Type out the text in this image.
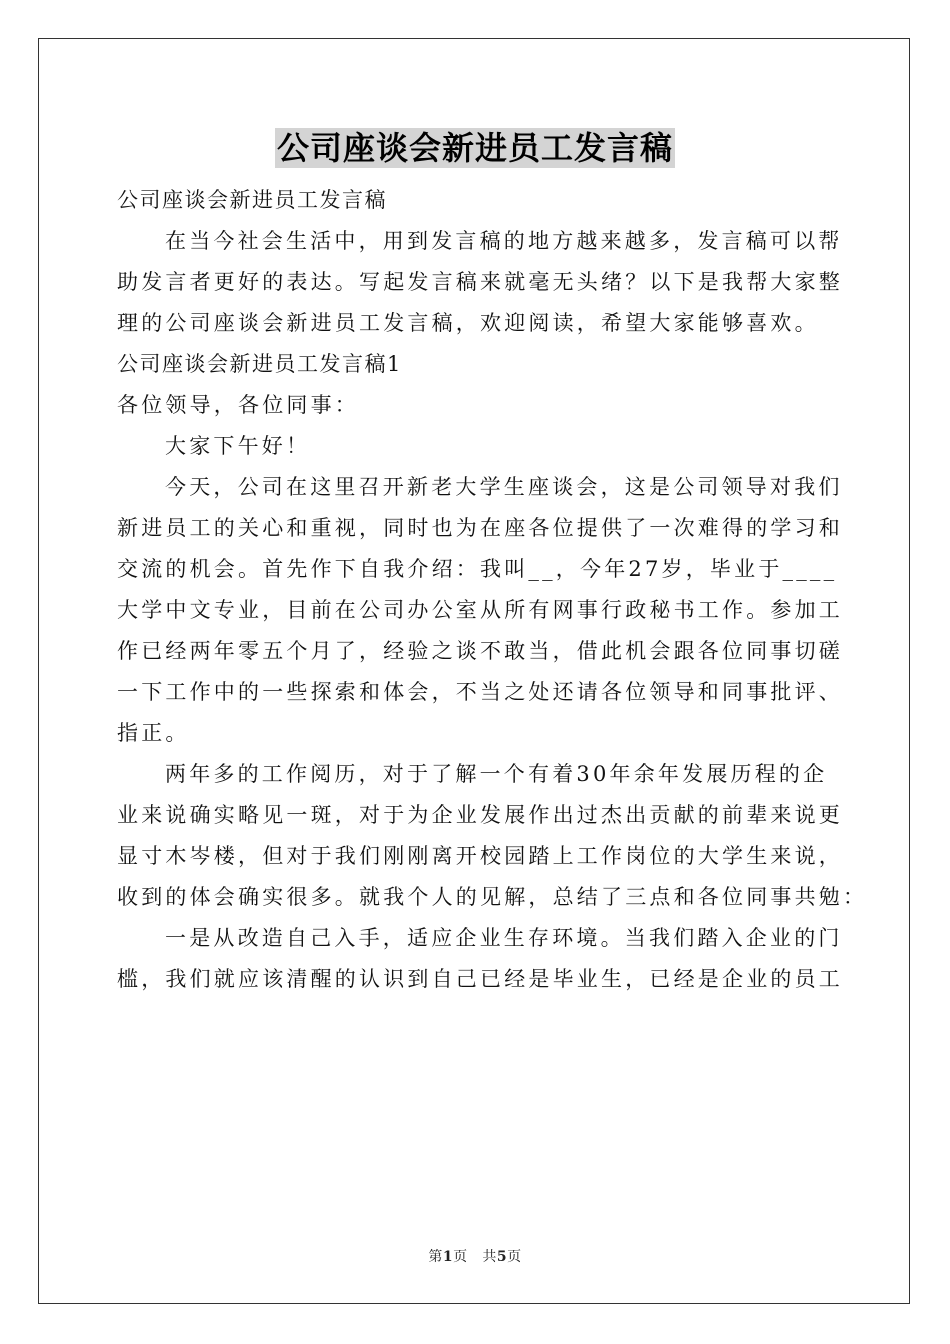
公司座谈会新进员工发言稿
公司座谈会新进员工发言稿
在当今社会生活中，用到发言稿的地方越来越多，发言稿可以帮
助发言者更好的表达。写起发言稿来就毫无头绪？以下是我帮大家整
理的公司座谈会新进员工发言稿，欢迎阅读，希望大家能够喜欢。
公司座谈会新进员工发言稿1
各位领导，各位同事：
大家下午好！
今天，公司在这里召开新老大学生座谈会，这是公司领导对我们
新进员工的关心和重视，同时也为在座各位提供了一次难得的学习和
交流的机会。首先作下自我介绍：我叫__，今年27岁，毕业于____
大学中文专业，目前在公司办公室从所有网事行政秘书工作。参加工
作已经两年零五个月了，经验之谈不敢当，借此机会跟各位同事切磋
一下工作中的一些探索和体会，不当之处还请各位领导和同事批评、
指正。
两年多的工作阅历，对于了解一个有着30年余年发展历程的企
业来说确实略见一斑，对于为企业发展作出过杰出贡献的前辈来说更
显寸木岑楼，但对于我们刚刚离开校园踏上工作岗位的大学生来说，
收到的体会确实很多。就我个人的见解，总结了三点和各位同事共勉：
一是从改造自己入手，适应企业生存环境。当我们踏入企业的门
槛，我们就应该清醒的认识到自己已经是毕业生，已经是企业的员工
第1页 共5页
